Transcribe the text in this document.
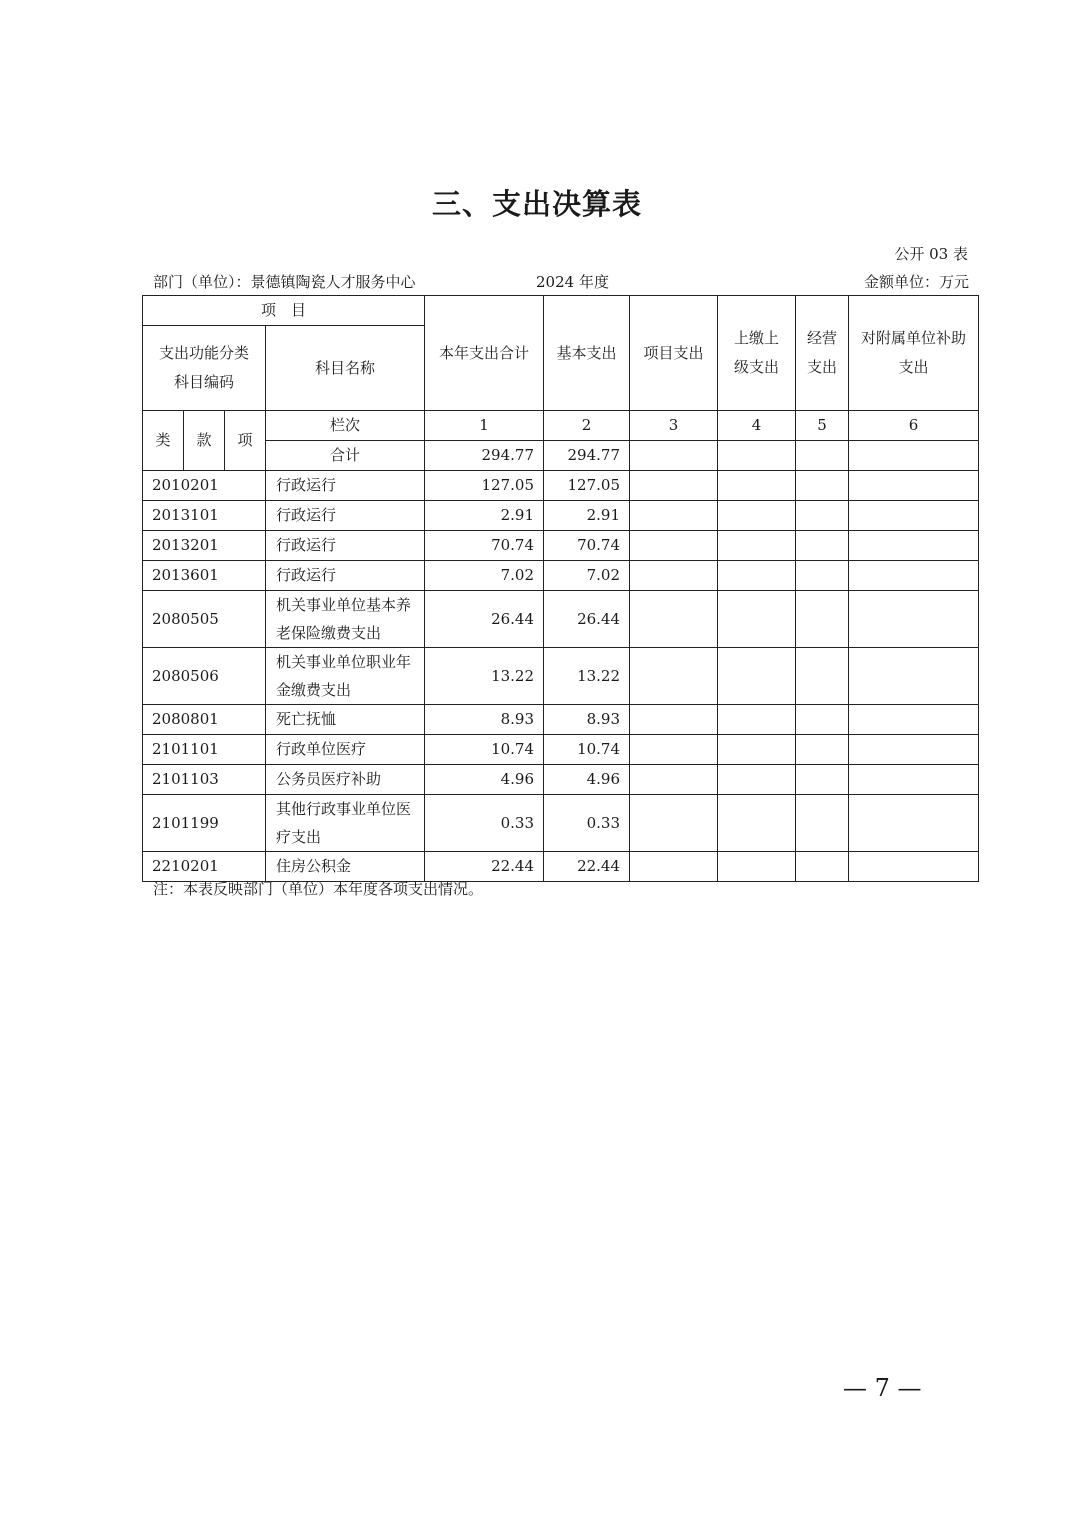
三、支出决算表
公开 03 表
部门（单位）：景德镇陶瓷人才服务中心	2024 年度	金额单位：万元
项　目				本年支出合计	基本支出	项目支出	上缴上级支出	经营支出	对附属单位补助支出
支出功能分类科目编码			科目名称						
类	款	项	栏次	1	2	3	4	5	6
			合计	294.77	294.77				
2010201			行政运行	127.05	127.05				
2013101			行政运行	2.91	2.91				
2013201			行政运行	70.74	70.74				
2013601			行政运行	7.02	7.02				
2080505			机关事业单位基本养老保险缴费支出	26.44	26.44				
2080506			机关事业单位职业年金缴费支出	13.22	13.22				
2080801			死亡抚恤	8.93	8.93				
2101101			行政单位医疗	10.74	10.74				
2101103			公务员医疗补助	4.96	4.96				
2101199			其他行政事业单位医疗支出	0.33	0.33				
2210201			住房公积金	22.44	22.44				
注：本表反映部门（单位）本年度各项支出情况。
— 7 —
